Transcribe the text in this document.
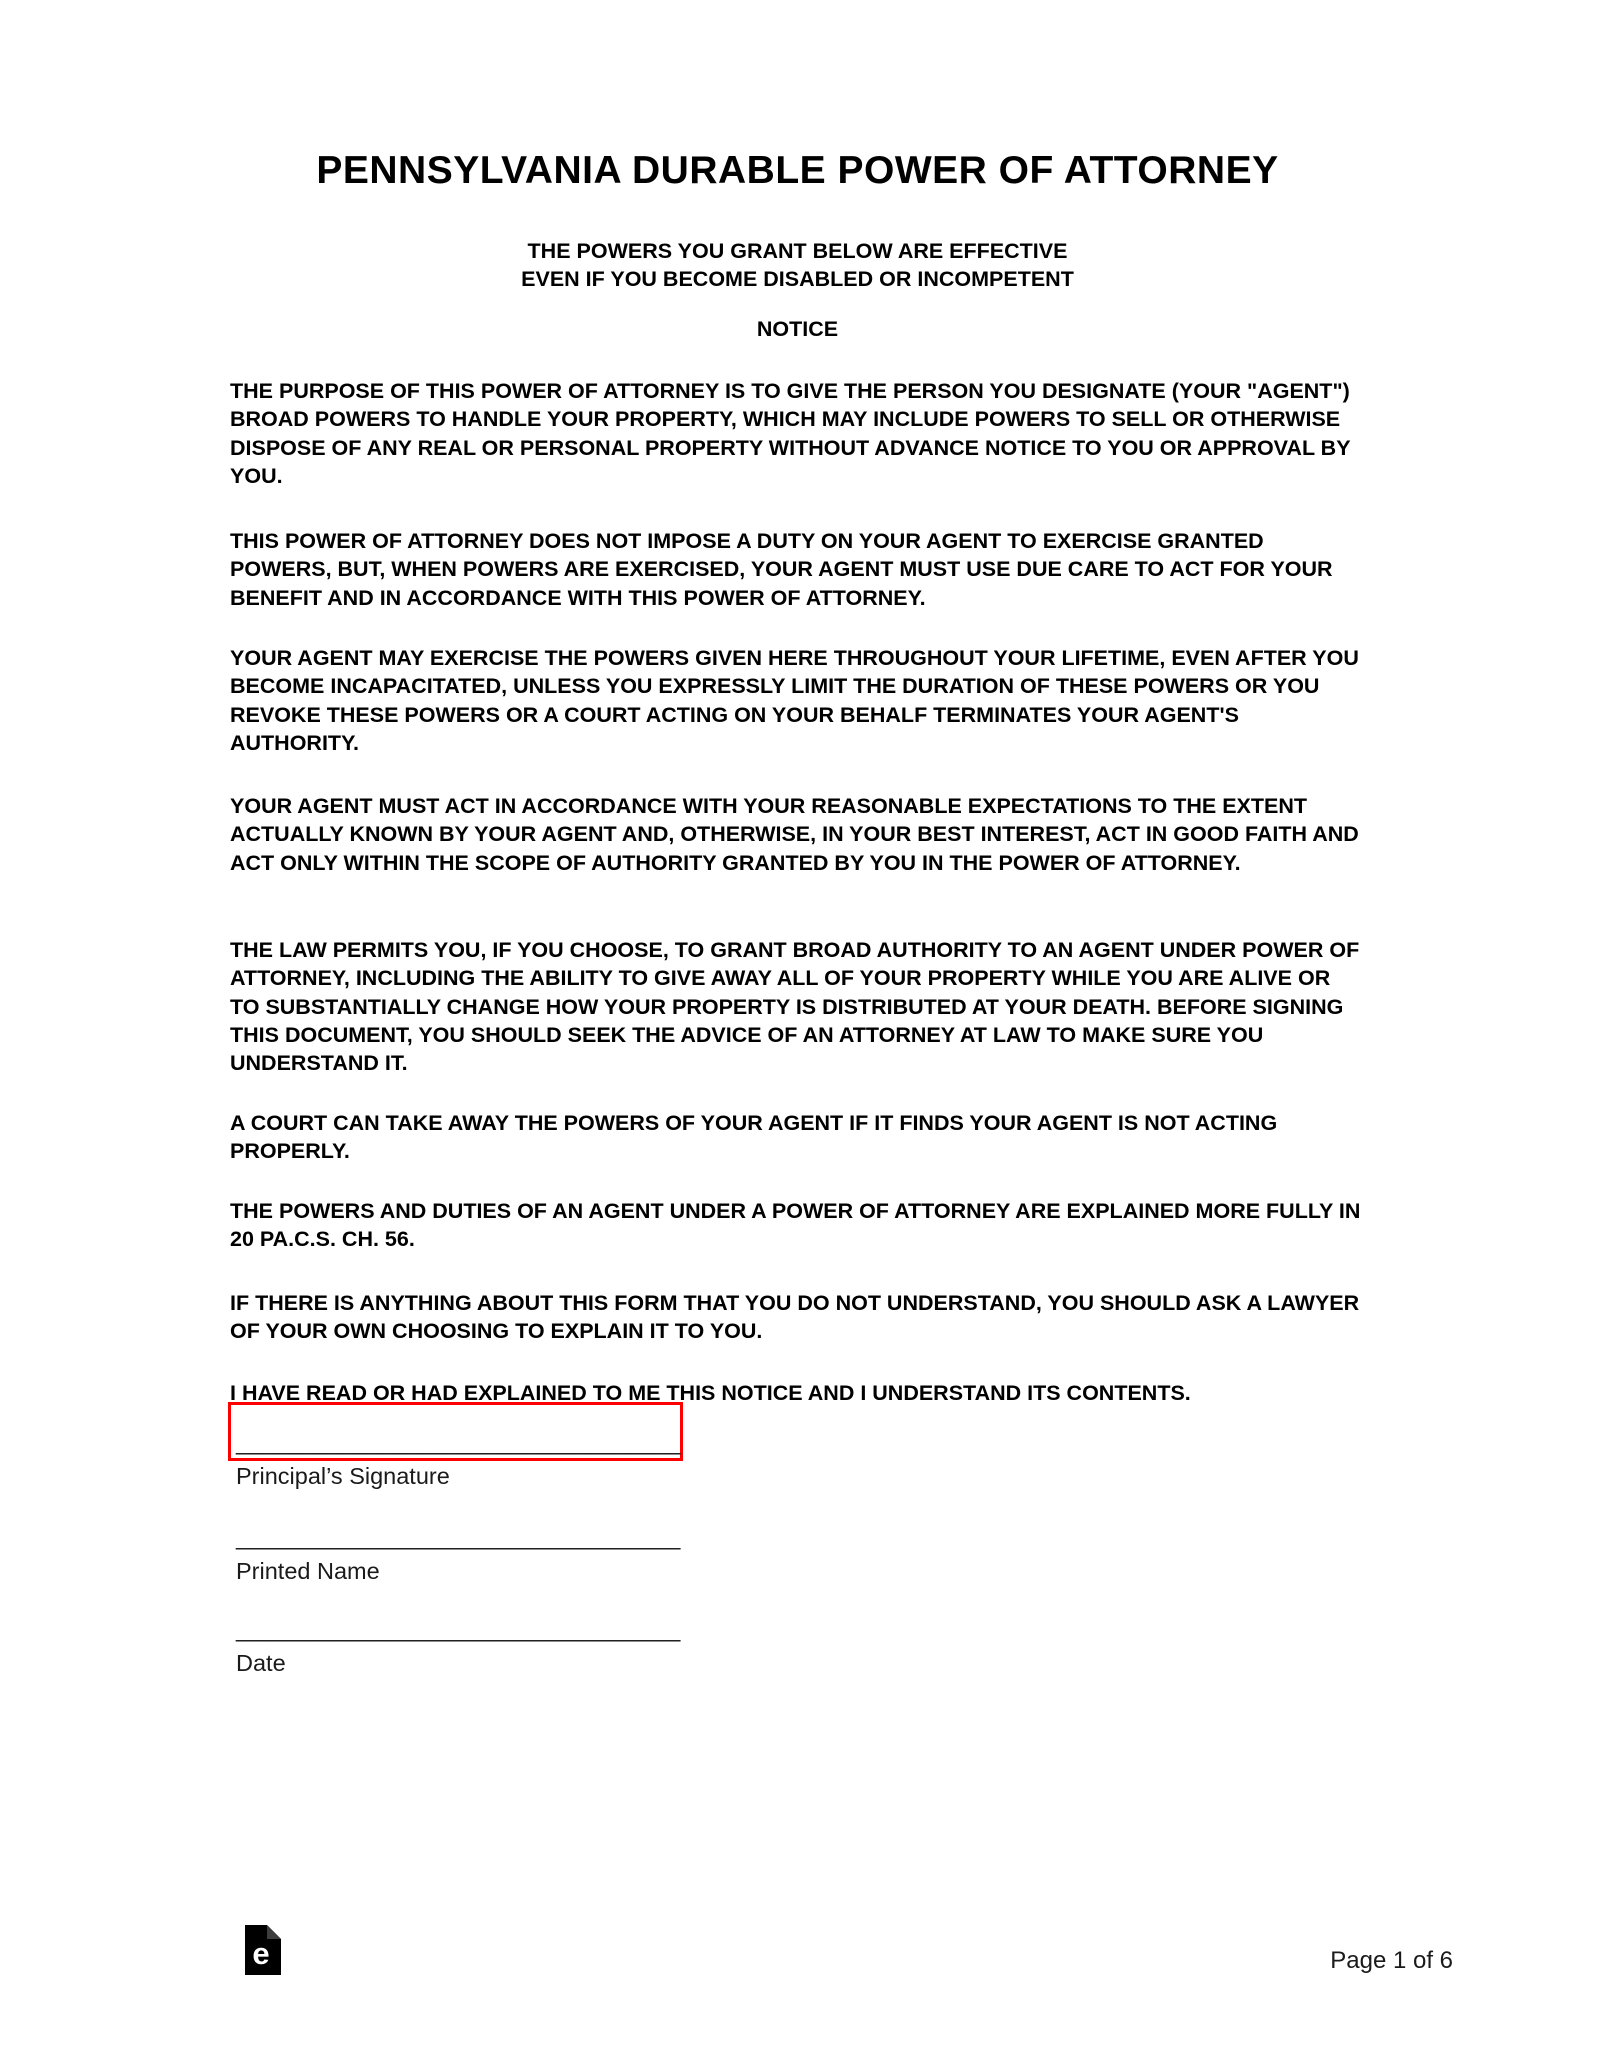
PENNSYLVANIA DURABLE POWER OF ATTORNEY
THE POWERS YOU GRANT BELOW ARE EFFECTIVE
EVEN IF YOU BECOME DISABLED OR INCOMPETENT
NOTICE

THE PURPOSE OF THIS POWER OF ATTORNEY IS TO GIVE THE PERSON YOU DESIGNATE (YOUR "AGENT") BROAD POWERS TO HANDLE YOUR PROPERTY, WHICH MAY INCLUDE POWERS TO SELL OR OTHERWISE DISPOSE OF ANY REAL OR PERSONAL PROPERTY WITHOUT ADVANCE NOTICE TO YOU OR APPROVAL BY YOU.

THIS POWER OF ATTORNEY DOES NOT IMPOSE A DUTY ON YOUR AGENT TO EXERCISE GRANTED POWERS, BUT, WHEN POWERS ARE EXERCISED, YOUR AGENT MUST USE DUE CARE TO ACT FOR YOUR BENEFIT AND IN ACCORDANCE WITH THIS POWER OF ATTORNEY.

YOUR AGENT MAY EXERCISE THE POWERS GIVEN HERE THROUGHOUT YOUR LIFETIME, EVEN AFTER YOU BECOME INCAPACITATED, UNLESS YOU EXPRESSLY LIMIT THE DURATION OF THESE POWERS OR YOU REVOKE THESE POWERS OR A COURT ACTING ON YOUR BEHALF TERMINATES YOUR AGENT'S AUTHORITY.

YOUR AGENT MUST ACT IN ACCORDANCE WITH YOUR REASONABLE EXPECTATIONS TO THE EXTENT ACTUALLY KNOWN BY YOUR AGENT AND, OTHERWISE, IN YOUR BEST INTEREST, ACT IN GOOD FAITH AND ACT ONLY WITHIN THE SCOPE OF AUTHORITY GRANTED BY YOU IN THE POWER OF ATTORNEY.

THE LAW PERMITS YOU, IF YOU CHOOSE, TO GRANT BROAD AUTHORITY TO AN AGENT UNDER POWER OF ATTORNEY, INCLUDING THE ABILITY TO GIVE AWAY ALL OF YOUR PROPERTY WHILE YOU ARE ALIVE OR TO SUBSTANTIALLY CHANGE HOW YOUR PROPERTY IS DISTRIBUTED AT YOUR DEATH. BEFORE SIGNING THIS DOCUMENT, YOU SHOULD SEEK THE ADVICE OF AN ATTORNEY AT LAW TO MAKE SURE YOU UNDERSTAND IT.

A COURT CAN TAKE AWAY THE POWERS OF YOUR AGENT IF IT FINDS YOUR AGENT IS NOT ACTING PROPERLY.

THE POWERS AND DUTIES OF AN AGENT UNDER A POWER OF ATTORNEY ARE EXPLAINED MORE FULLY IN 20 PA.C.S. CH. 56.

IF THERE IS ANYTHING ABOUT THIS FORM THAT YOU DO NOT UNDERSTAND, YOU SHOULD ASK A LAWYER OF YOUR OWN CHOOSING TO EXPLAIN IT TO YOU.

I HAVE READ OR HAD EXPLAINED TO ME THIS NOTICE AND I UNDERSTAND ITS CONTENTS.

__________________________________
Principal’s Signature
__________________________________
Printed Name
__________________________________
Date
e	Page 1 of 6
